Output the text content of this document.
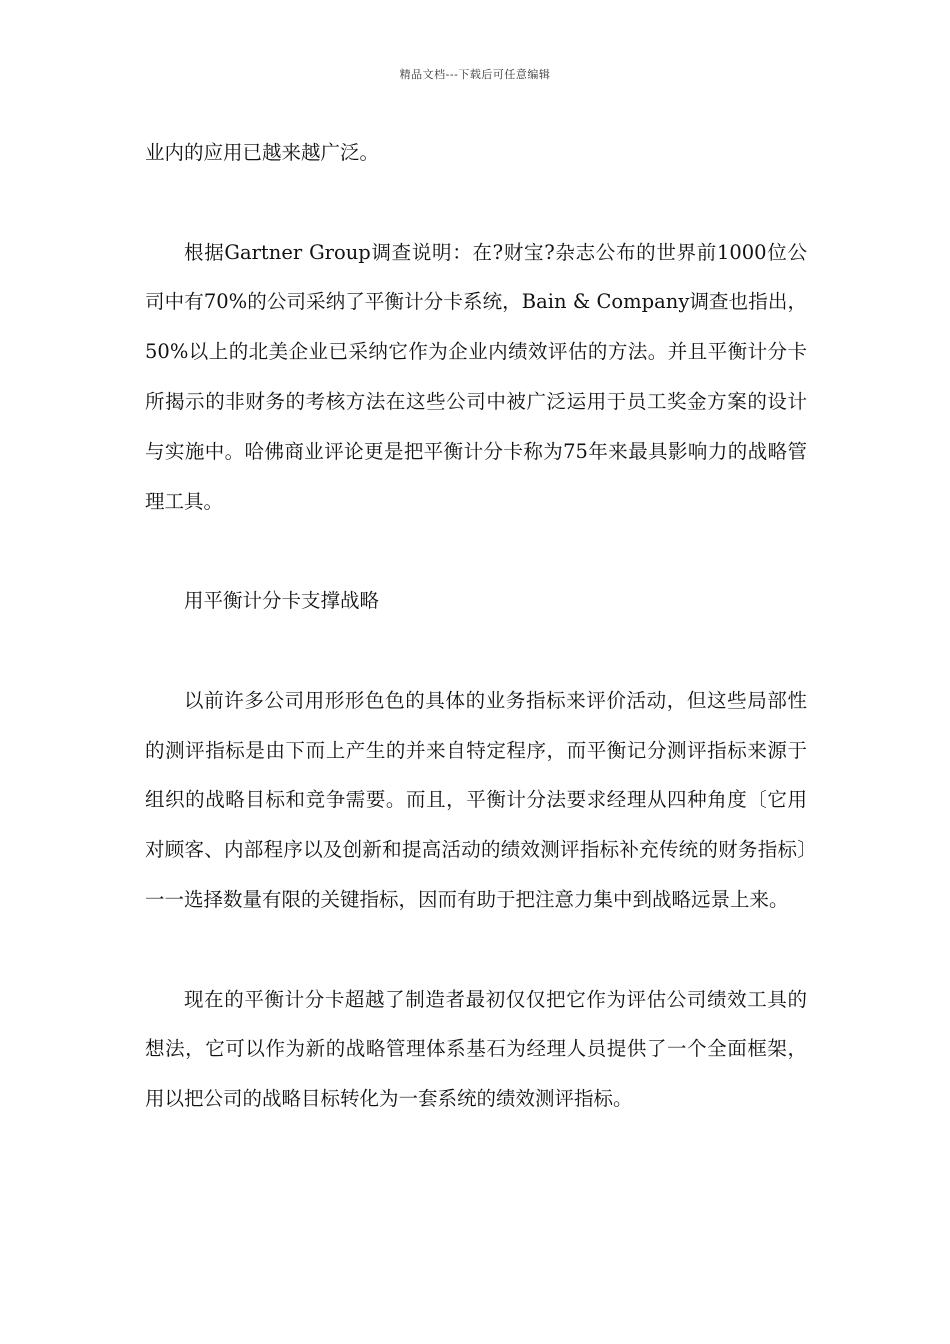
精品文档---下载后可任意编辑

业内的应用已越来越广泛。

根据Gartner Group调查说明：在?财宝?杂志公布的世界前1000位公司中有70%的公司采纳了平衡计分卡系统，Bain & Company调查也指出，50%以上的北美企业已采纳它作为企业内绩效评估的方法。并且平衡计分卡所揭示的非财务的考核方法在这些公司中被广泛运用于员工奖金方案的设计与实施中。哈佛商业评论更是把平衡计分卡称为75年来最具影响力的战略管理工具。

用平衡计分卡支撑战略

以前许多公司用形形色色的具体的业务指标来评价活动，但这些局部性的测评指标是由下而上产生的并来自特定程序，而平衡记分测评指标来源于组织的战略目标和竞争需要。而且，平衡计分法要求经理从四种角度〔它用对顾客、内部程序以及创新和提高活动的绩效测评指标补充传统的财务指标〕一一选择数量有限的关键指标，因而有助于把注意力集中到战略远景上来。

现在的平衡计分卡超越了制造者最初仅仅把它作为评估公司绩效工具的想法，它可以作为新的战略管理体系基石为经理人员提供了一个全面框架，用以把公司的战略目标转化为一套系统的绩效测评指标。
